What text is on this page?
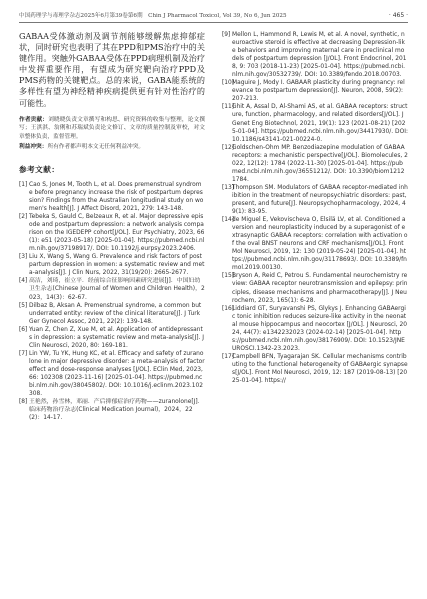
中国药理学与毒理学杂志2025年6月第39卷第6期　Chin J Pharmacol Toxicol, Vol 39, No 6, Jun 2025	· 465 ·

GABAA受体激动剂及调节剂能够缓解焦虑抑郁症状，同时研究也表明了其在PPD和PMS治疗中的关键作用。突触外GABAA受体在PPD病理机制及治疗中发挥重要作用，有望成为研究靶向治疗PPD及PMS药物的关键靶点。总的来说，GABA能系统的多样性有望为神经精神疾病提供更有针对性治疗的可能性。

作者贡献：刘晓晓负责文章撰写和构思、研究资料的收集与整理，论文撰写；王淇淇、翁俐和苏瑞斌负责论文修订、文章的质量控制及审校，对文章整体负责，监督管理。
利益冲突：所有作者都声明本文无任何利益冲突。
参考文献：
[1] Cao S, Jones M, Tooth L, et al. Does premenstrual syndrome before pregnancy increase the risk of postpartum depression? Findings from the Australian longitudinal study on women's health[J]. J Affect Disord, 2021, 279: 143-148.
[2] Tebeka S, Gauld C, Belzeaux R, et al. Major depressive episode and postpartum depression: a network analysis comparison on the IGEDEPP cohort[J/OL]. Eur Psychiatry, 2023, 66(1): e51 (2023-05-18) [2025-01-04]. https://pubmed.ncbi.nlm.nih.gov/37198917/. DOI: 10.1192/j.eurpsy.2023.2406.
[3] Liu X, Wang S, Wang G. Prevalence and risk factors of postpartum depression in women: a systematic review and meta-analysis[J]. J Clin Nurs, 2022, 31(19/20): 2665-2677.
[4] 高洁，刘琦，崔立平．经前综合征影响因素研究进展[J]．中国妇幼卫生杂志(Chinese Journal of Women and Children Health)，2023，14(3)：62-67.
[5] Dilbaz B, Aksan A. Premenstrual syndrome, a common but underrated entity: review of the clinical literature[J]. J Turk Ger Gynecol Assoc, 2021, 22(2): 139-148.
[6] Yuan Z, Chen Z, Xue M, et al. Application of antidepressants in depression: a systematic review and meta-analysis[J]. J Clin Neurosci, 2020, 80: 169-181.
[7] Lin YW, Tu YK, Hung KC, et al. Efficacy and safety of zuranolone in major depressive disorder: a meta-analysis of factor effect and dose-response analyses [J/OL]. EClin Med, 2023, 66: 102308 (2023-11-16) [2025-01-04]. https://pubmed.ncbi.nlm.nih.gov/38045802/. DOI: 10.1016/j.eclinm.2023.102308.
[8] 王艳然，孙雪林，邓丽．产后抑郁症治疗药物——zuranolone[J]．临床药物治疗杂志(Clinical Medication Journal)，2024，22(2)：14-17.
[9] Mellon L, Hammond R, Lewis M, et al. A novel, synthetic, neuroactive steroid is effective at decreasing Depression-like behaviors and improving maternal care in preclinical models of postpartum depression [J/OL]. Front Endocrinol, 2018, 9: 703 (2018-11-23) [2025-01-04]. https://pubmed.ncbi.nlm.nih.gov/30532739/. DOI: 10.3389/fendo.2018.00703.
[10]
Maguire J, Mody I. GABAAR plasticity during pregnancy: relevance to postpartum depression[J]. Neuron, 2008, 59(2): 207-213.
[11]
Ghit A, Assal D, Al-Shami AS, et al. GABAA receptors: structure, function, pharmacology, and related disorders[J/OL]. J Genet Eng Biotechnol, 2021, 19(1): 123 (2021-08-21) [2025-01-04]. https://pubmed.ncbi.nlm.nih.gov/34417930/. DOI: 10.1186/s43141-021-00224-0.
[12]
Goldschen-Ohm MP. Benzodiazepine modulation of GABAA receptors: a mechanistic perspective[J/OL]. Biomolecules, 2022, 12(12): 1784 (2022-11-30) [2025-01-04]. https://pubmed.ncbi.nlm.nih.gov/36551212/. DOI: 10.3390/biom12121784.
[13]
Thompson SM. Modulators of GABAA receptor-mediated inhibition in the treatment of neuropsychiatric disorders: past, present, and future[J]. Neuropsychopharmacology, 2024, 49(1): 83-95.
[14]
de Miguel E, Vekovischeva O, Elsilä LV, et al. Conditioned aversion and neuroplasticity induced by a superagonist of extrasynaptic GABAA receptors: correlation with activation of the oval BNST neurons and CRF mechanisms[J/OL]. Front Mol Neurosci, 2019, 12: 130 (2019-05-24) [2025-01-04]. https://pubmed.ncbi.nlm.nih.gov/31178693/. DOI: 10.3389/fnmol.2019.00130.
[15]
Bryson A, Reid C, Petrou S. Fundamental neurochemistry review: GABAA receptor neurotransmission and epilepsy: principles, disease mechanisms and pharmacotherapy[J]. J Neurochem, 2023, 165(1): 6-28.
[16]
Liddiard GT, Suryavanshi PS, Glykys J. Enhancing GABAergic tonic inhibition reduces seizure-like activity in the neonatal mouse hippocampus and neocortex [J/OL]. J Neurosci, 2024, 44(7): e1342232023 (2024-02-14) [2025-01-04]. https://pubmed.ncbi.nlm.nih.gov/38176909/. DOI: 10.1523/JNEUROSCI.1342-23.2023.
[17]
Campbell BFN, Tyagarajan SK. Cellular mechanisms contributing to the functional heterogeneity of GABAergic synapses[J/OL]. Front Mol Neurosci, 2019, 12: 187 (2019-08-13) [2025-01-04]. https://
